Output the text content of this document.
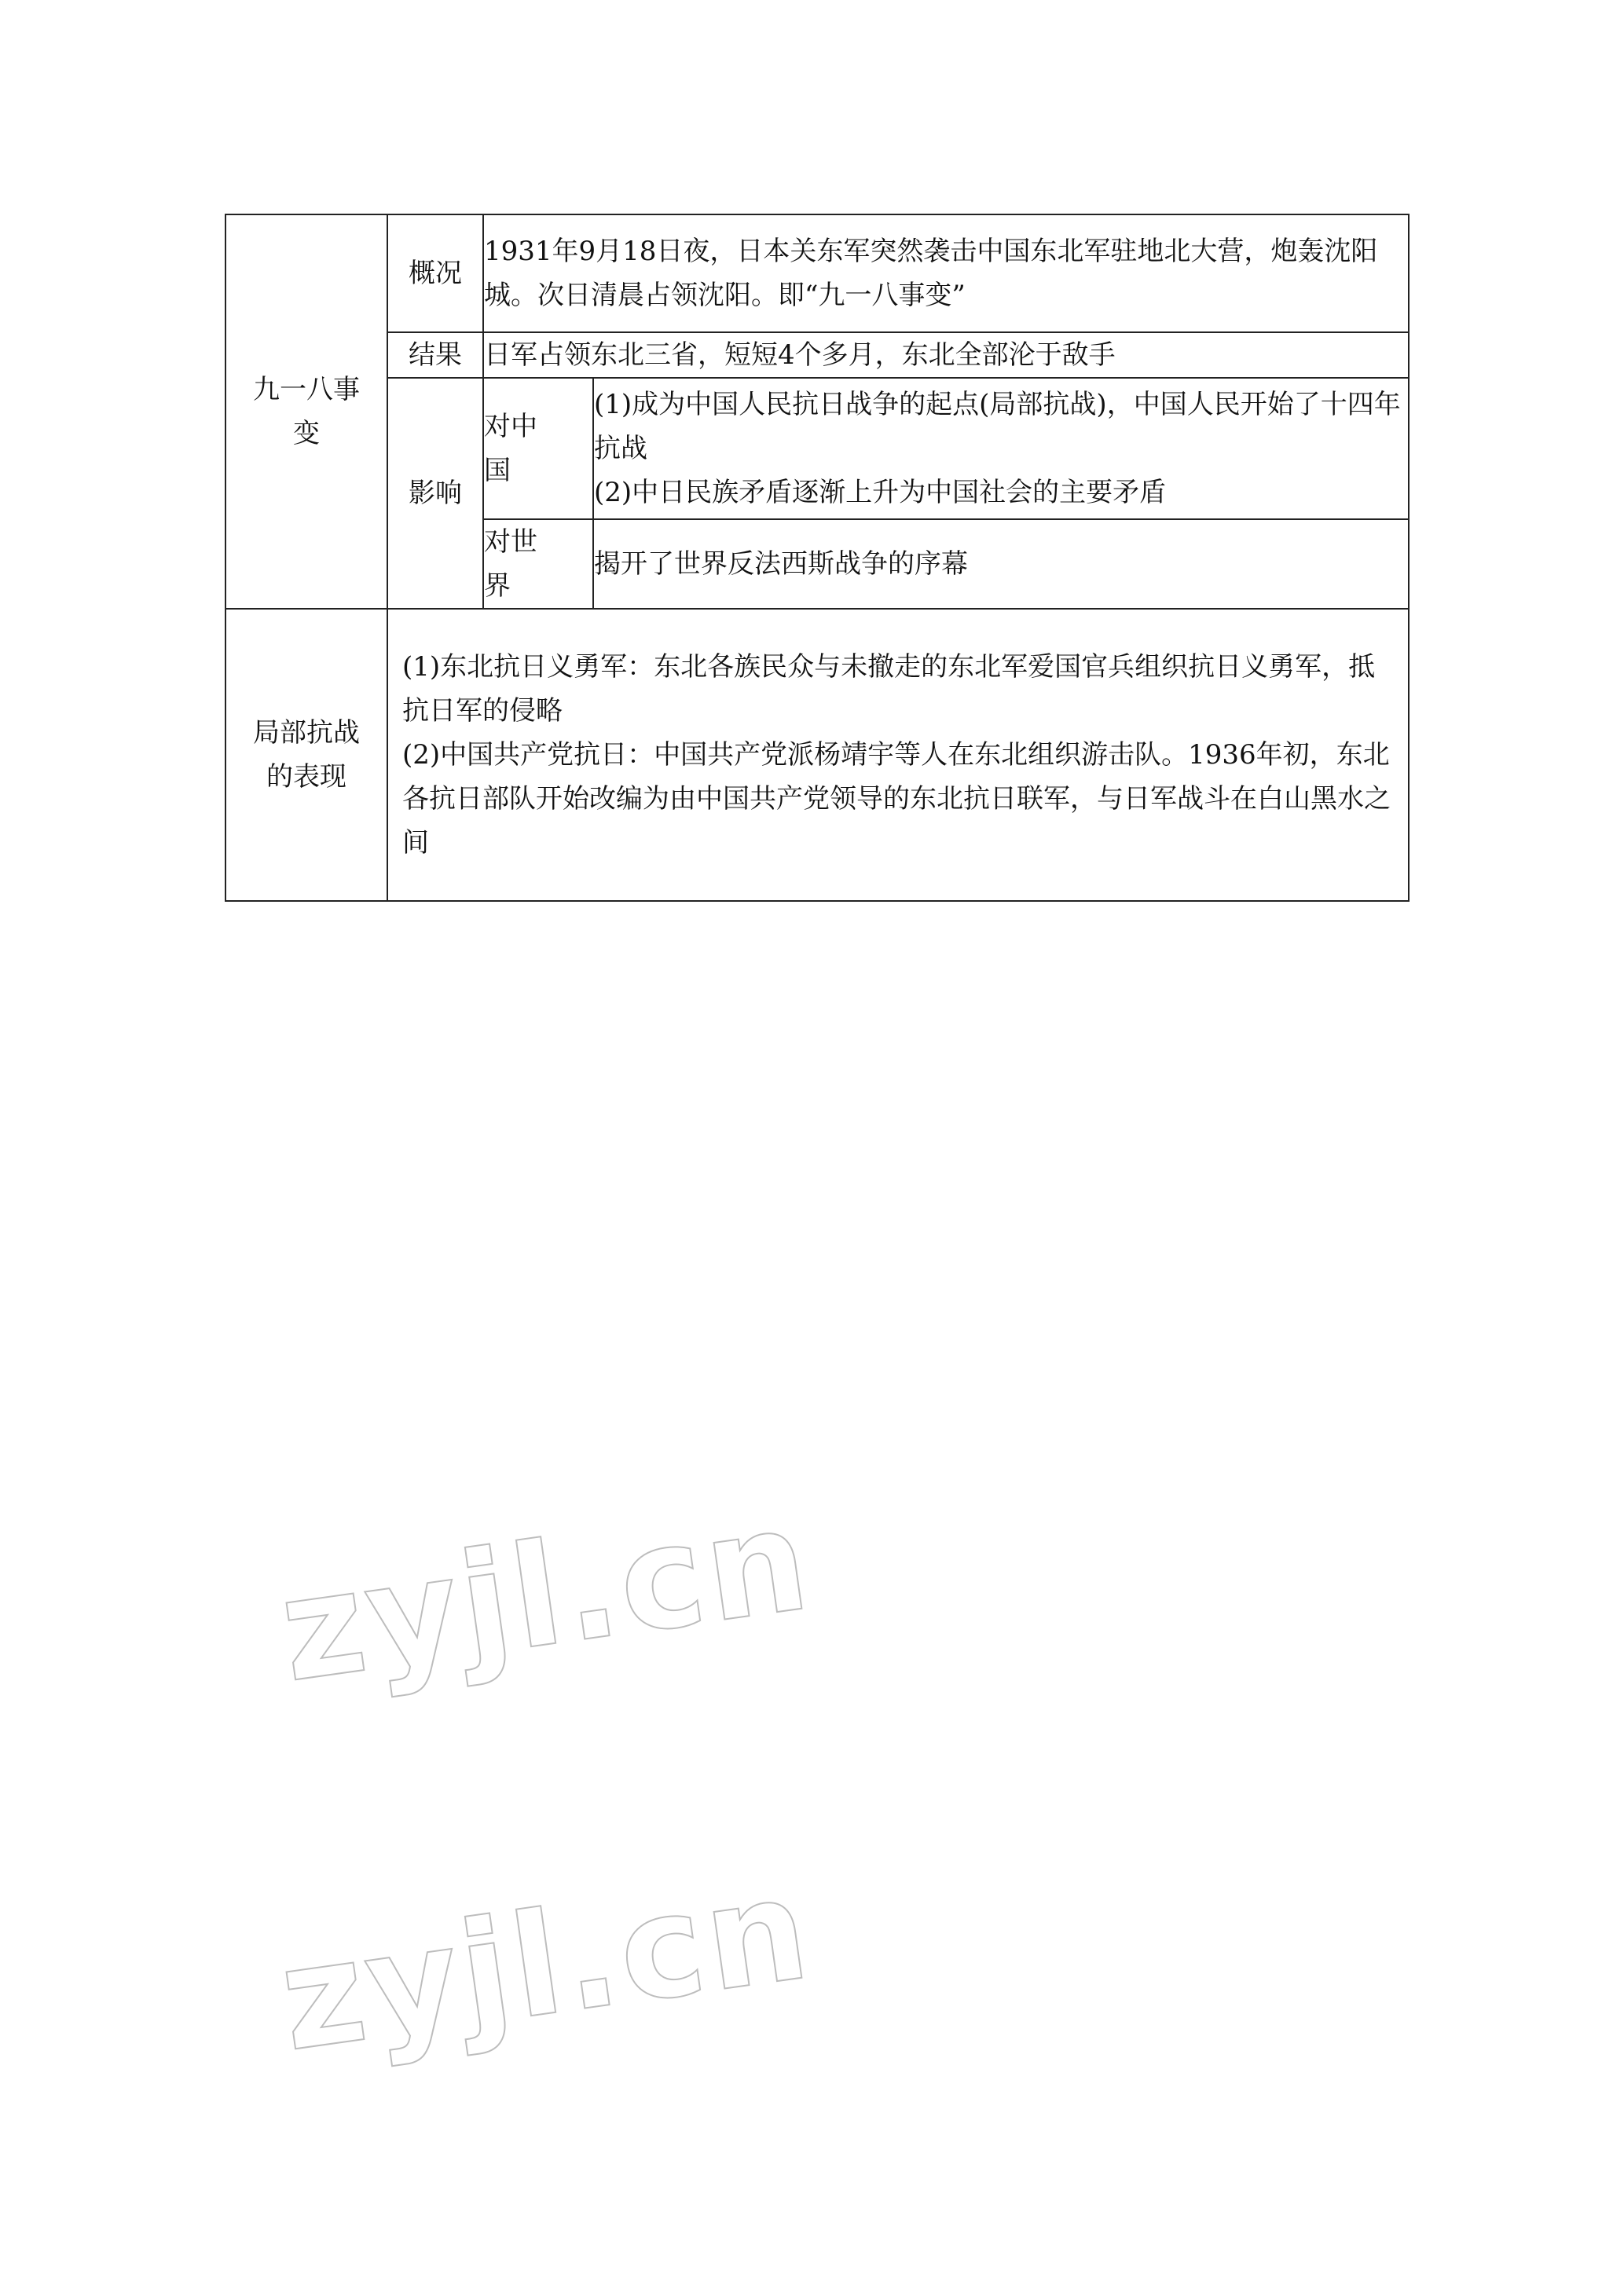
九一八事变	概况	1931年9月18日夜，日本关东军突然袭击中国东北军驻地北大营，炮轰沈阳城。次日清晨占领沈阳。即“九一八事变”	
	结果	日军占领东北三省，短短4个多月，东北全部沦于敌手	
	影响	对中国	(1)成为中国人民抗日战争的起点(局部抗战)，中国人民开始了十四年抗战
(2)中日民族矛盾逐渐上升为中国社会的主要矛盾

		对世界	揭开了世界反法西斯战争的序幕
局部抗战的表现	(1)东北抗日义勇军：东北各族民众与未撤走的东北军爱国官兵组织抗日义勇军，抵抗日军的侵略
(2)中国共产党抗日：中国共产党派杨靖宇等人在东北组织游击队。1936年初，东北各抗日部队开始改编为由中国共产党领导的东北抗日联军，与日军战斗在白山黑水之间		
zyjl.cn
zyjl.cn
